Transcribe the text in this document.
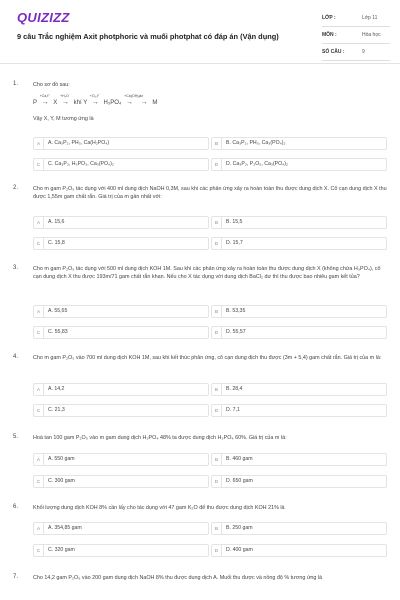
QUIZIZZ
9 câu Trắc nghiệm Axit photphoric và muối photphat có đáp án (Vận dụng)
LỚP :	Lớp 11
MÔN :	Hóa học
SỐ CÂU :	9
1.	Cho sơ đồ sau:
P →
+Ca,t°
X →
+H₂O
khí Y →
+O₂,t°
H₃PO₄ →
+Ca(OH)₂
→
dư
M
Vậy X, Y, M tương ứng là
A	A. Ca₃P₂, PH₃, Ca(H₂PO₄)	B	B. Ca₃P₂, PH₃, Ca₃(PO₄)₂
C	C. Ca₃P₂, H₃PO₃, Ca₃(PO₄)₂	D	D. Ca₃P₂, P₂O₅, Ca₃(PO₄)₂
2.	Cho m gam P₂O₅ tác dụng với 400 ml dung dịch NaOH 0,3M, sau khi các phản ứng xảy ra hoàn toàn thu được dung dịch X. Cô cạn dung dịch X thu được 1,55m gam chất rắn. Giá trị của m gần nhất với:
A	A. 15,6	B	B. 15,5
C	C. 15,8	D	D. 15,7
3.	Cho m gam P₂O₅ tác dụng với 500 ml dung dịch KOH 1M. Sau khi các phản ứng xảy ra hoàn toàn thu được dung dịch X (không chứa H₃PO₄), cô cạn dung dịch X thu được 193m/71 gam chất rắn khan. Nếu cho X tác dụng với dung dịch BaCl₂ dư thì thu được bao nhiêu gam kết tủa?
A	A. 55,65	B	B. 53,35
C	C. 55,83	D	D. 55,57
4.	Cho m gam P₂O₅ vào 700 ml dung dịch KOH 1M, sau khi kết thúc phản ứng, cô cạn dung dịch thu được (3m + 5,4) gam chất rắn. Giá trị của m là:
A	A. 14,2	B	B. 28,4
C	C. 21,3	D	D. 7,1
5.	Hoà tan 100 gam P₂O₅ vào m gam dung dịch H₃PO₄ 48% ta được dung dịch H₃PO₄ 60%. Giá trị của m là:
A	A. 550 gam	B	B. 460 gam
C	C. 300 gam	D	D. 650 gam
6.	Khối lượng dung dịch KOH 8% cần lấy cho tác dụng với 47 gam K₂O để thu được dung dịch KOH 21% là
A	A. 354,85 gam	B	B. 250 gam
C	C. 320 gam	D	D. 400 gam
7.	Cho 14,2 gam P₂O₅ vào 200 gam dung dịch NaOH 8% thu được dung dịch A. Muối thu được và nồng độ % tương ứng là
